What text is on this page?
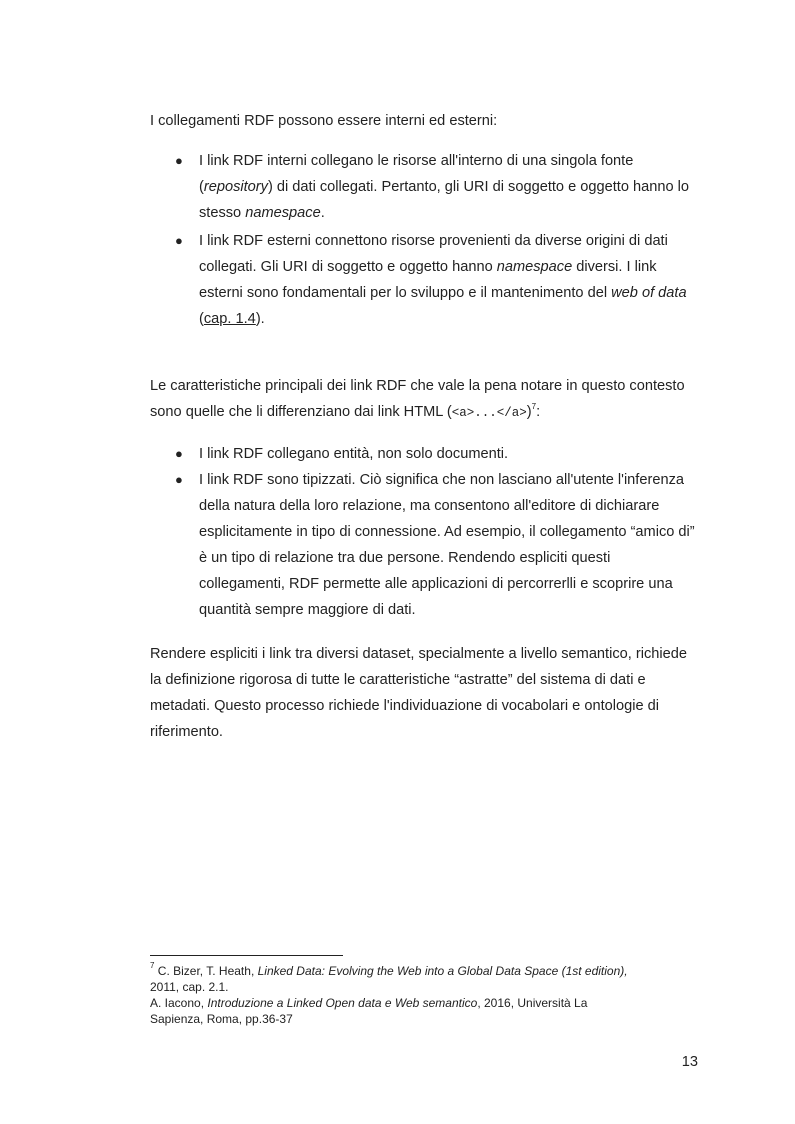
I collegamenti RDF possono essere interni ed esterni:

● I link RDF interni collegano le risorse all'interno di una singola fonte
(repository) di dati collegati. Pertanto, gli URI di soggetto e oggetto hanno lo
stesso namespace.
● I link RDF esterni connettono risorse provenienti da diverse origini di dati
collegati. Gli URI di soggetto e oggetto hanno namespace diversi. I link
esterni sono fondamentali per lo sviluppo e il mantenimento del web of data
(cap. 1.4).
Le caratteristiche principali dei link RDF che vale la pena notare in questo contesto
sono quelle che li differenziano dai link HTML (<a>...</a>)$^7$:
● I link RDF collegano entità, non solo documenti.
● I link RDF sono tipizzati. Ciò significa che non lasciano all'utente l'inferenza
della natura della loro relazione, ma consentono all'editore di dichiarare
esplicitamente in tipo di connessione. Ad esempio, il collegamento “amico di”
è un tipo di relazione tra due persone. Rendendo espliciti questi
collegamenti, RDF permette alle applicazioni di percorrerlli e scoprire una
quantità sempre maggiore di dati.
Rendere espliciti i link tra diversi dataset, specialmente a livello semantico, richiede
la definizione rigorosa di tutte le caratteristiche “astratte” del sistema di dati e
metadati. Questo processo richiede l'individuazione di vocabolari e ontologie di
riferimento.
$^7$ C. Bizer, T. Heath, Linked Data: Evolving the Web into a Global Data Space (1st edition),
2011, cap. 2.1.
A. Iacono, Introduzione a Linked Open data e Web semantico, 2016, Università La
Sapienza, Roma, pp.36-37
13
